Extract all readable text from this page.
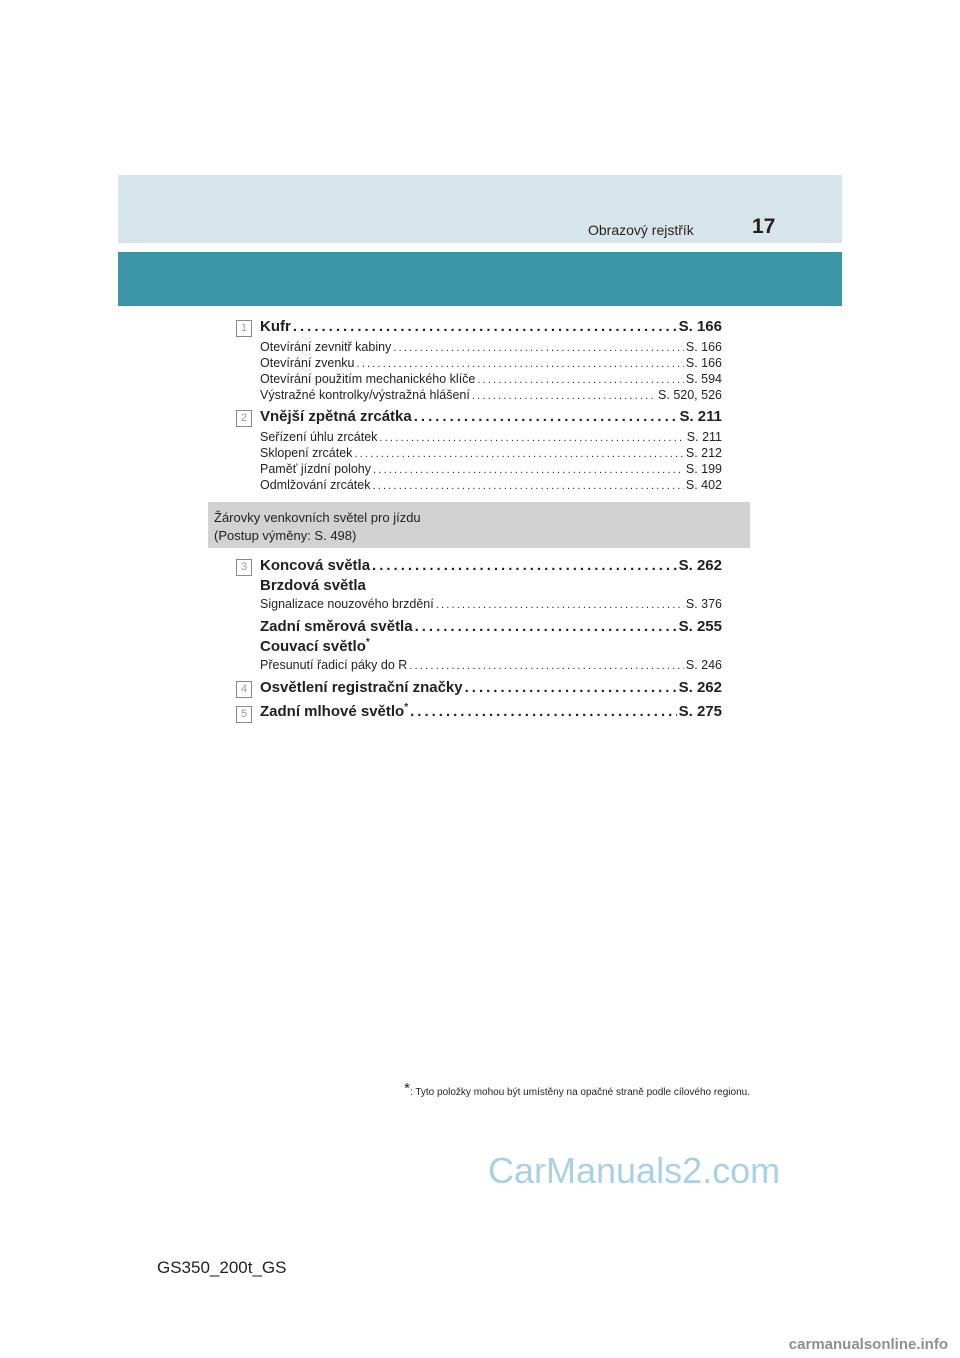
Obrazový rejstřík	17
1 Kufr .....	S. 166
Otevírání zevnitř kabiny .....	S. 166
Otevírání zvenku .....	S. 166
Otevírání použitím mechanického klíče .....	S. 594
Výstražné kontrolky/výstražná hlášení .....	S. 520, 526
2 Vnější zpětná zrcátka .....	S. 211
Seřízení úhlu zrcátek .....	S. 211
Sklopení zrcátek .....	S. 212
Paměť jízdní polohy .....	S. 199
Odmlžování zrcátek .....	S. 402
Žárovky venkovních světel pro jízdu
(Postup výměny: S. 498)
3 Koncová světla .....	S. 262
Brzdová světla
Signalizace nouzového brzdění .....	S. 376
Zadní směrová světla .....	S. 255
Couvací světlo*
Přesunutí řadicí páky do R .....	S. 246
4 Osvětlení registrační značky .....	S. 262
5 Zadní mlhové světlo* .....	S. 275
*: Tyto položky mohou být umístěny na opačné straně podle cílového regionu.
CarManuals2.com
GS350_200t_GS
carmanualsonline.info
